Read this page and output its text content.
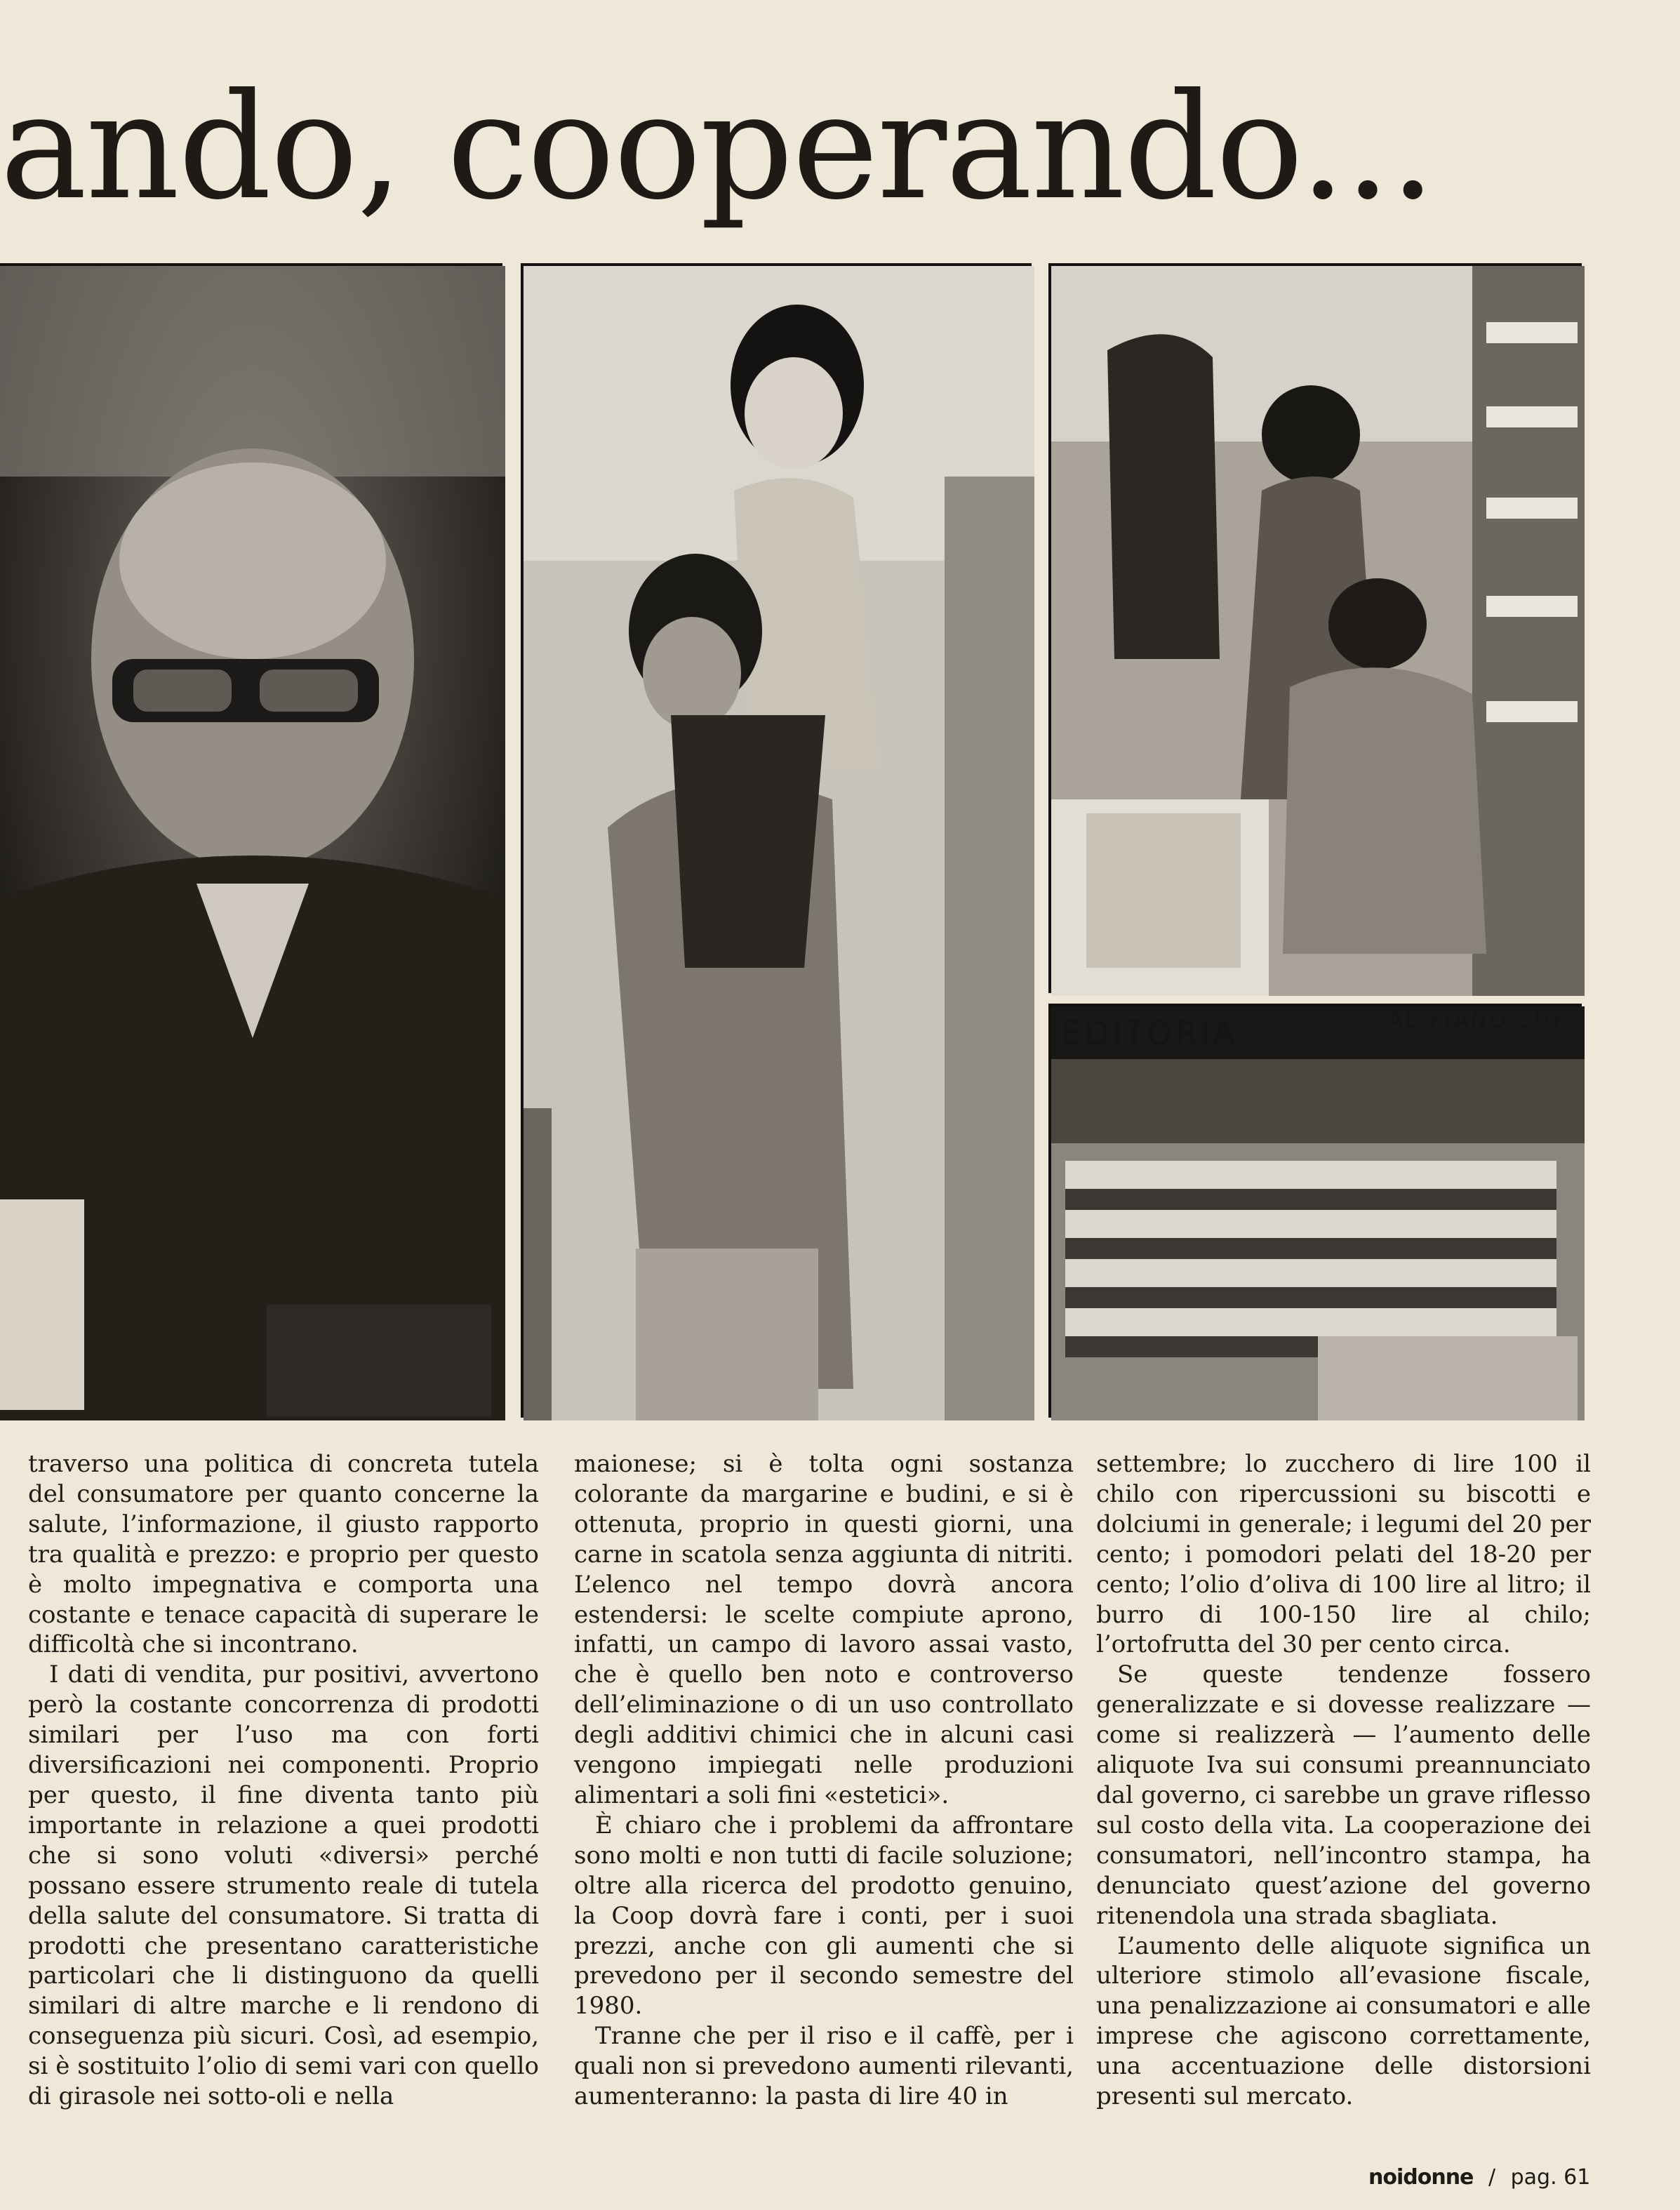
ando, cooperando...
EDITORIA	AL PIANO SUP

traverso una politica di concreta tutela del consumatore per quanto concerne la salute, l’informazione, il giusto rapporto tra qualità e prezzo: e proprio per questo è molto impegnativa e comporta una costante e tenace capacità di superare le difficoltà che si incontrano.

I dati di vendita, pur positivi, avvertono però la costante concorrenza di prodotti similari per l’uso ma con forti diversificazioni nei componenti. Proprio per questo, il fine diventa tanto più importante in relazione a quei prodotti che si sono voluti «diversi» perché possano essere strumento reale di tutela della salute del consumatore. Si tratta di prodotti che presentano caratteristiche particolari che li distinguono da quelli similari di altre marche e li rendono di conseguenza più sicuri. Così, ad esempio, si è sostituito l’olio di semi vari con quello di girasole nei sotto-oli e nella

maionese; si è tolta ogni sostanza colorante da margarine e budini, e si è ottenuta, proprio in questi giorni, una carne in scatola senza aggiunta di nitriti. L’elenco nel tempo dovrà ancora estendersi: le scelte compiute aprono, infatti, un campo di lavoro assai vasto, che è quello ben noto e controverso dell’eliminazione o di un uso controllato degli additivi chimici che in alcuni casi vengono impiegati nelle produzioni alimentari a soli fini «estetici».

È chiaro che i problemi da affrontare sono molti e non tutti di facile soluzione; oltre alla ricerca del prodotto genuino, la Coop dovrà fare i conti, per i suoi prezzi, anche con gli aumenti che si prevedono per il secondo semestre del 1980.

Tranne che per il riso e il caffè, per i quali non si prevedono aumenti rilevanti, aumenteranno: la pasta di lire 40 in

settembre; lo zucchero di lire 100 il chilo con ripercussioni su biscotti e dolciumi in generale; i legumi del 20 per cento; i pomodori pelati del 18-20 per cento; l’olio d’oliva di 100 lire al litro; il burro di 100-150 lire al chilo; l’ortofrutta del 30 per cento circa.

Se queste tendenze fossero generalizzate e si dovesse realizzare — come si realizzerà — l’aumento delle aliquote Iva sui consumi preannunciato dal governo, ci sarebbe un grave riflesso sul costo della vita. La cooperazione dei consumatori, nell’incontro stampa, ha denunciato quest’azione del governo ritenendola una strada sbagliata.

L’aumento delle aliquote significa un ulteriore stimolo all’evasione fiscale, una penalizzazione ai consumatori e alle imprese che agiscono correttamente, una accentuazione delle distorsioni presenti sul mercato.

noidonne / pag. 61
